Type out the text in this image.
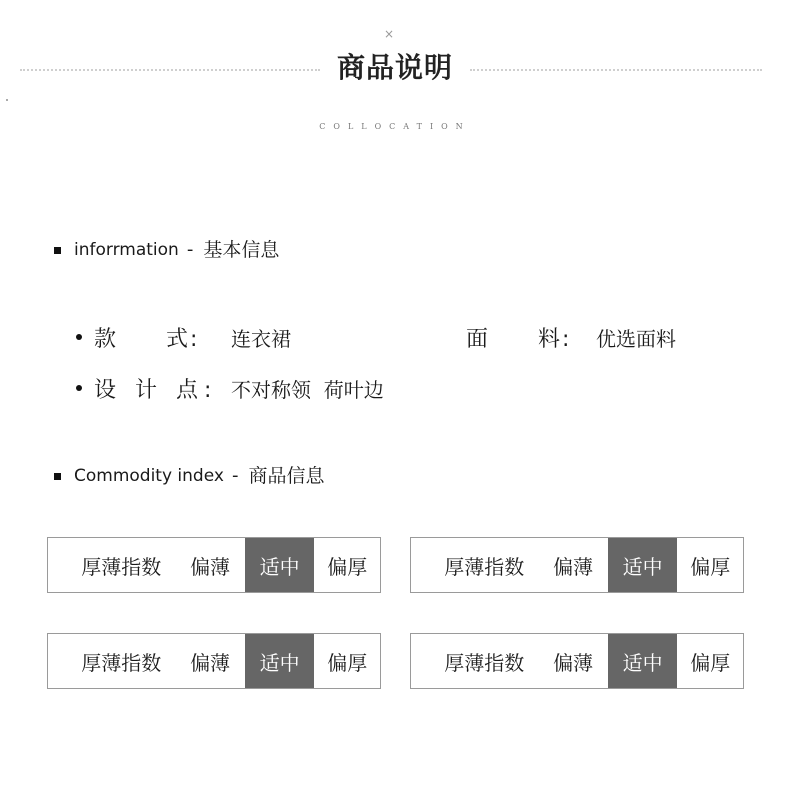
×
商品说明
COLLOCATION
inforrmation - 基本信息
款　　式:	连衣裙	面　　料:	优选面料
设 计 点: 不对称领  荷叶边
Commodity index - 商品信息
厚薄指数	偏薄	适中	偏厚	厚薄指数	偏薄	适中	偏厚
厚薄指数	偏薄	适中	偏厚	厚薄指数	偏薄	适中	偏厚
